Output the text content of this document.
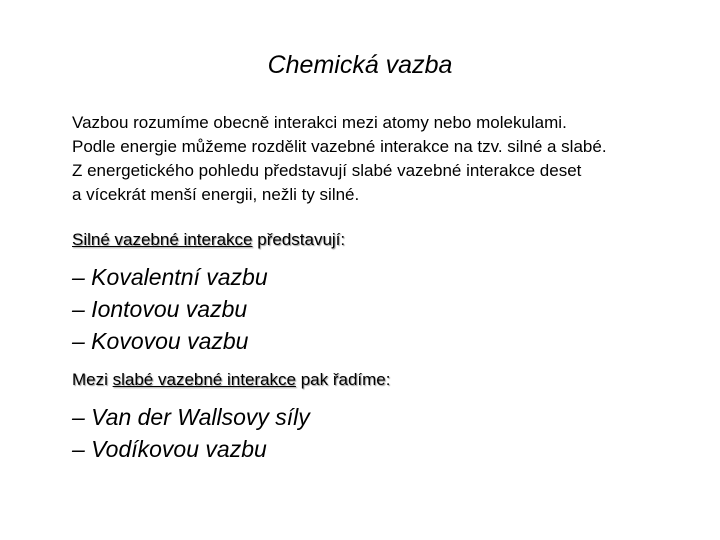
Chemická vazba
Vazbou rozumíme obecně interakci mezi atomy nebo molekulami.
Podle energie můžeme rozdělit vazebné interakce na tzv. silné a slabé.
Z energetického pohledu představují slabé vazebné interakce deset
a vícekrát menší energii, nežli ty silné.
Silné vazebné interakce představují:
– Kovalentní vazbu
– Iontovou vazbu
– Kovovou vazbu
Mezi slabé vazebné interakce pak řadíme:
– Van der Wallsovy síly
– Vodíkovou vazbu
